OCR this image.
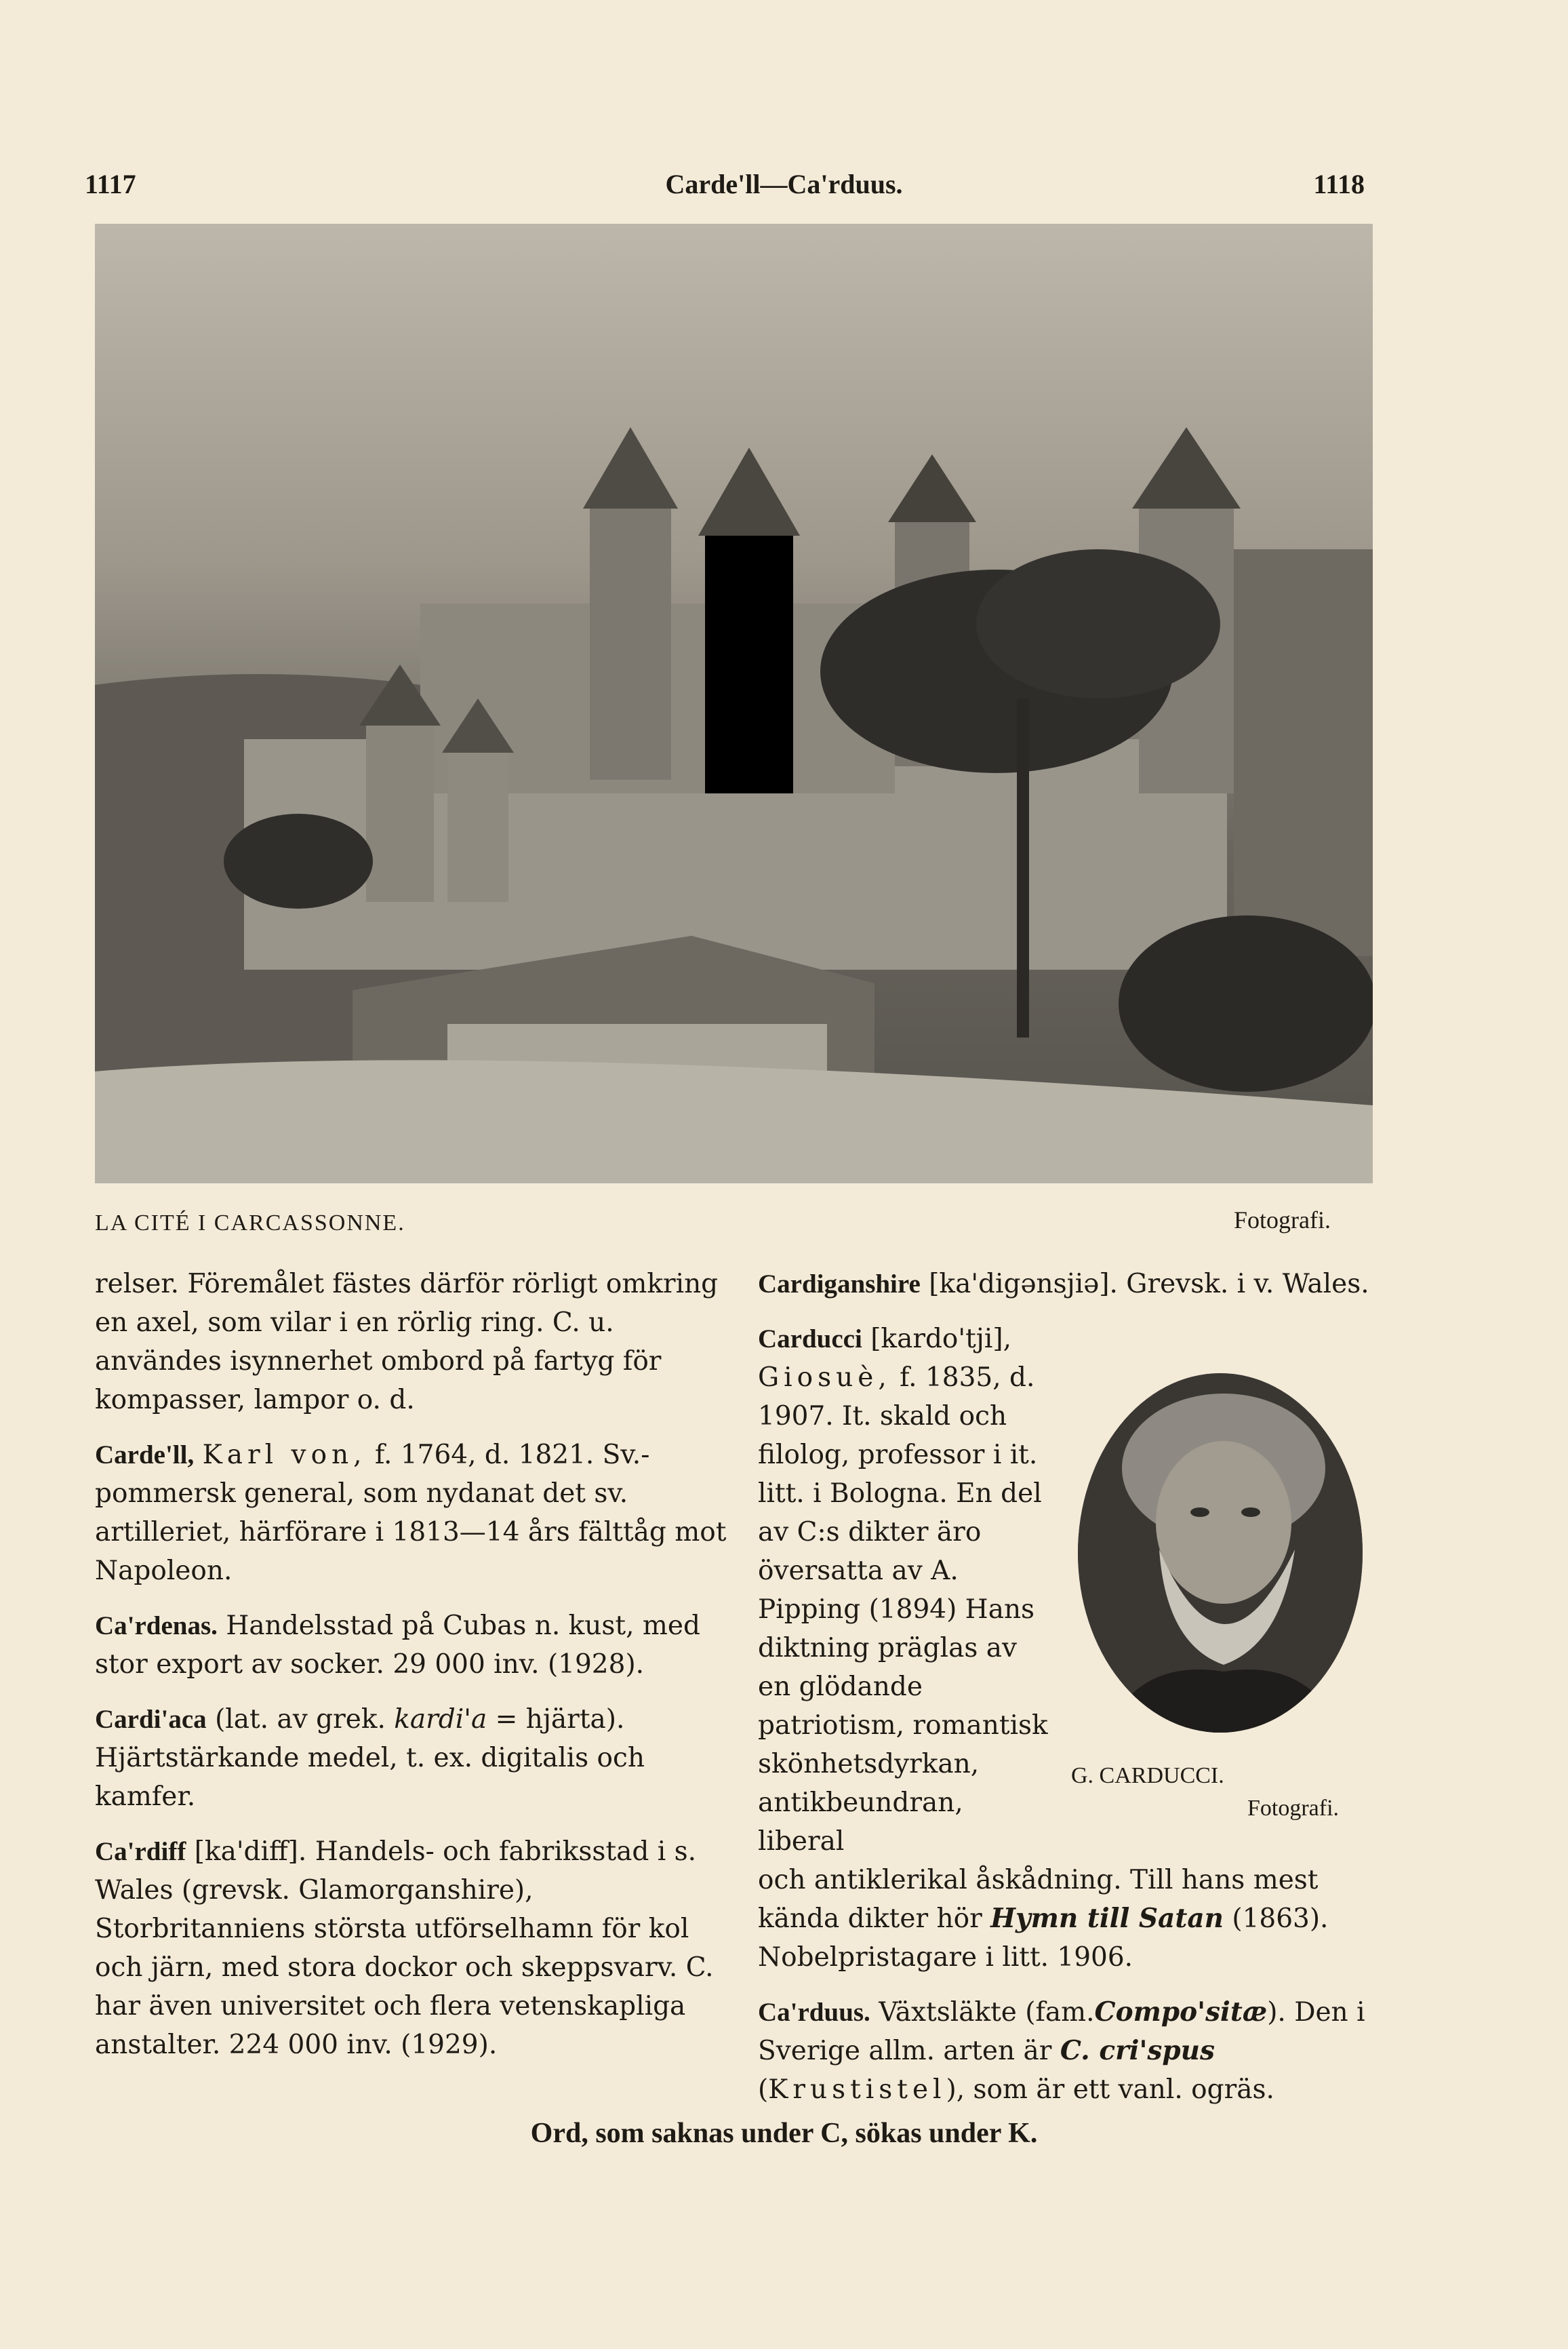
1117	Carde'll—Ca'rduus.	1118
LA CITÉ I CARCASSONNE.	Fotografi.

relser. Föremålet fästes därför rörligt omkring en axel, som vilar i en rörlig ring. C. u. användes isynnerhet ombord på fartyg för kompasser, lampor o. d.

Carde'll, Karl von, f. 1764, d. 1821. Sv.-pommersk general, som nydanat det sv. artilleriet, härförare i 1813—14 års fälttåg mot Napoleon.

Ca'rdenas. Handelsstad på Cubas n. kust, med stor export av socker. 29 000 inv. (1928).

Cardi'aca (lat. av grek. kardi'a = hjärta). Hjärtstärkande medel, t. ex. digitalis och kamfer.

Ca'rdiff [ka'diff]. Handels- och fabriksstad i s. Wales (grevsk. Glamorganshire), Storbritanniens största utförselhamn för kol och järn, med stora dockor och skeppsvarv. C. har även universitet och flera vetenskapliga anstalter. 224 000 inv. (1929).

Cardiganshire [ka'digənsjiə]. Grevsk. i v. Wales.

Carducci [kardo'tji], Giosuè, f. 1835, d. 1907. It. skald och filolog, professor i it. litt. i Bologna. En del av C:s dikter äro översatta av A. Pipping (1894) Hans diktning präglas av en glödande patriotism, romantisk skönhetsdyrkan, antikbeundran, liberal

och antiklerikal åskådning. Till hans mest kända dikter hör Hymn till Satan (1863). Nobelpristagare i litt. 1906.

Ca'rduus. Växtsläkte (fam.Compo'sitæ). Den i Sverige allm. arten är C. cri'spus (Krustistel), som är ett vanl. ogräs.

G. CARDUCCI.
Fotografi.
Ord, som saknas under C, sökas under K.
